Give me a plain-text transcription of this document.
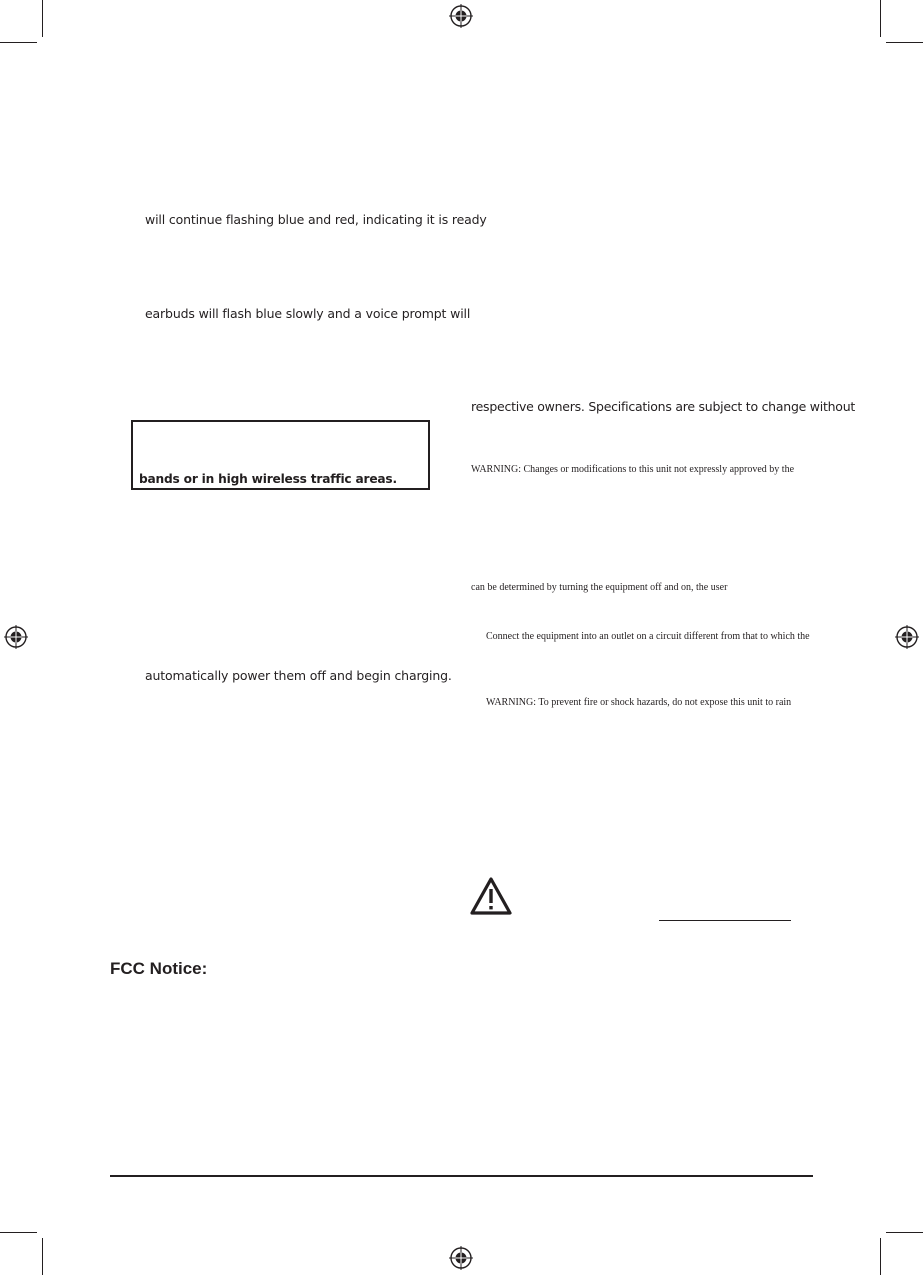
will continue flashing blue and red, indicating it is ready
earbuds will flash blue slowly and a voice prompt will
bands or in high wireless traffic areas.
automatically power them off and begin charging.
FCC Notice:
respective owners. Specifications are subject to change without
WARNING: Changes or modifications to this unit not expressly approved by the
can be determined by turning the equipment off and on, the user
Connect the equipment into an outlet on a circuit different from that to which the
WARNING: To prevent fire or shock hazards, do not expose this unit to rain
